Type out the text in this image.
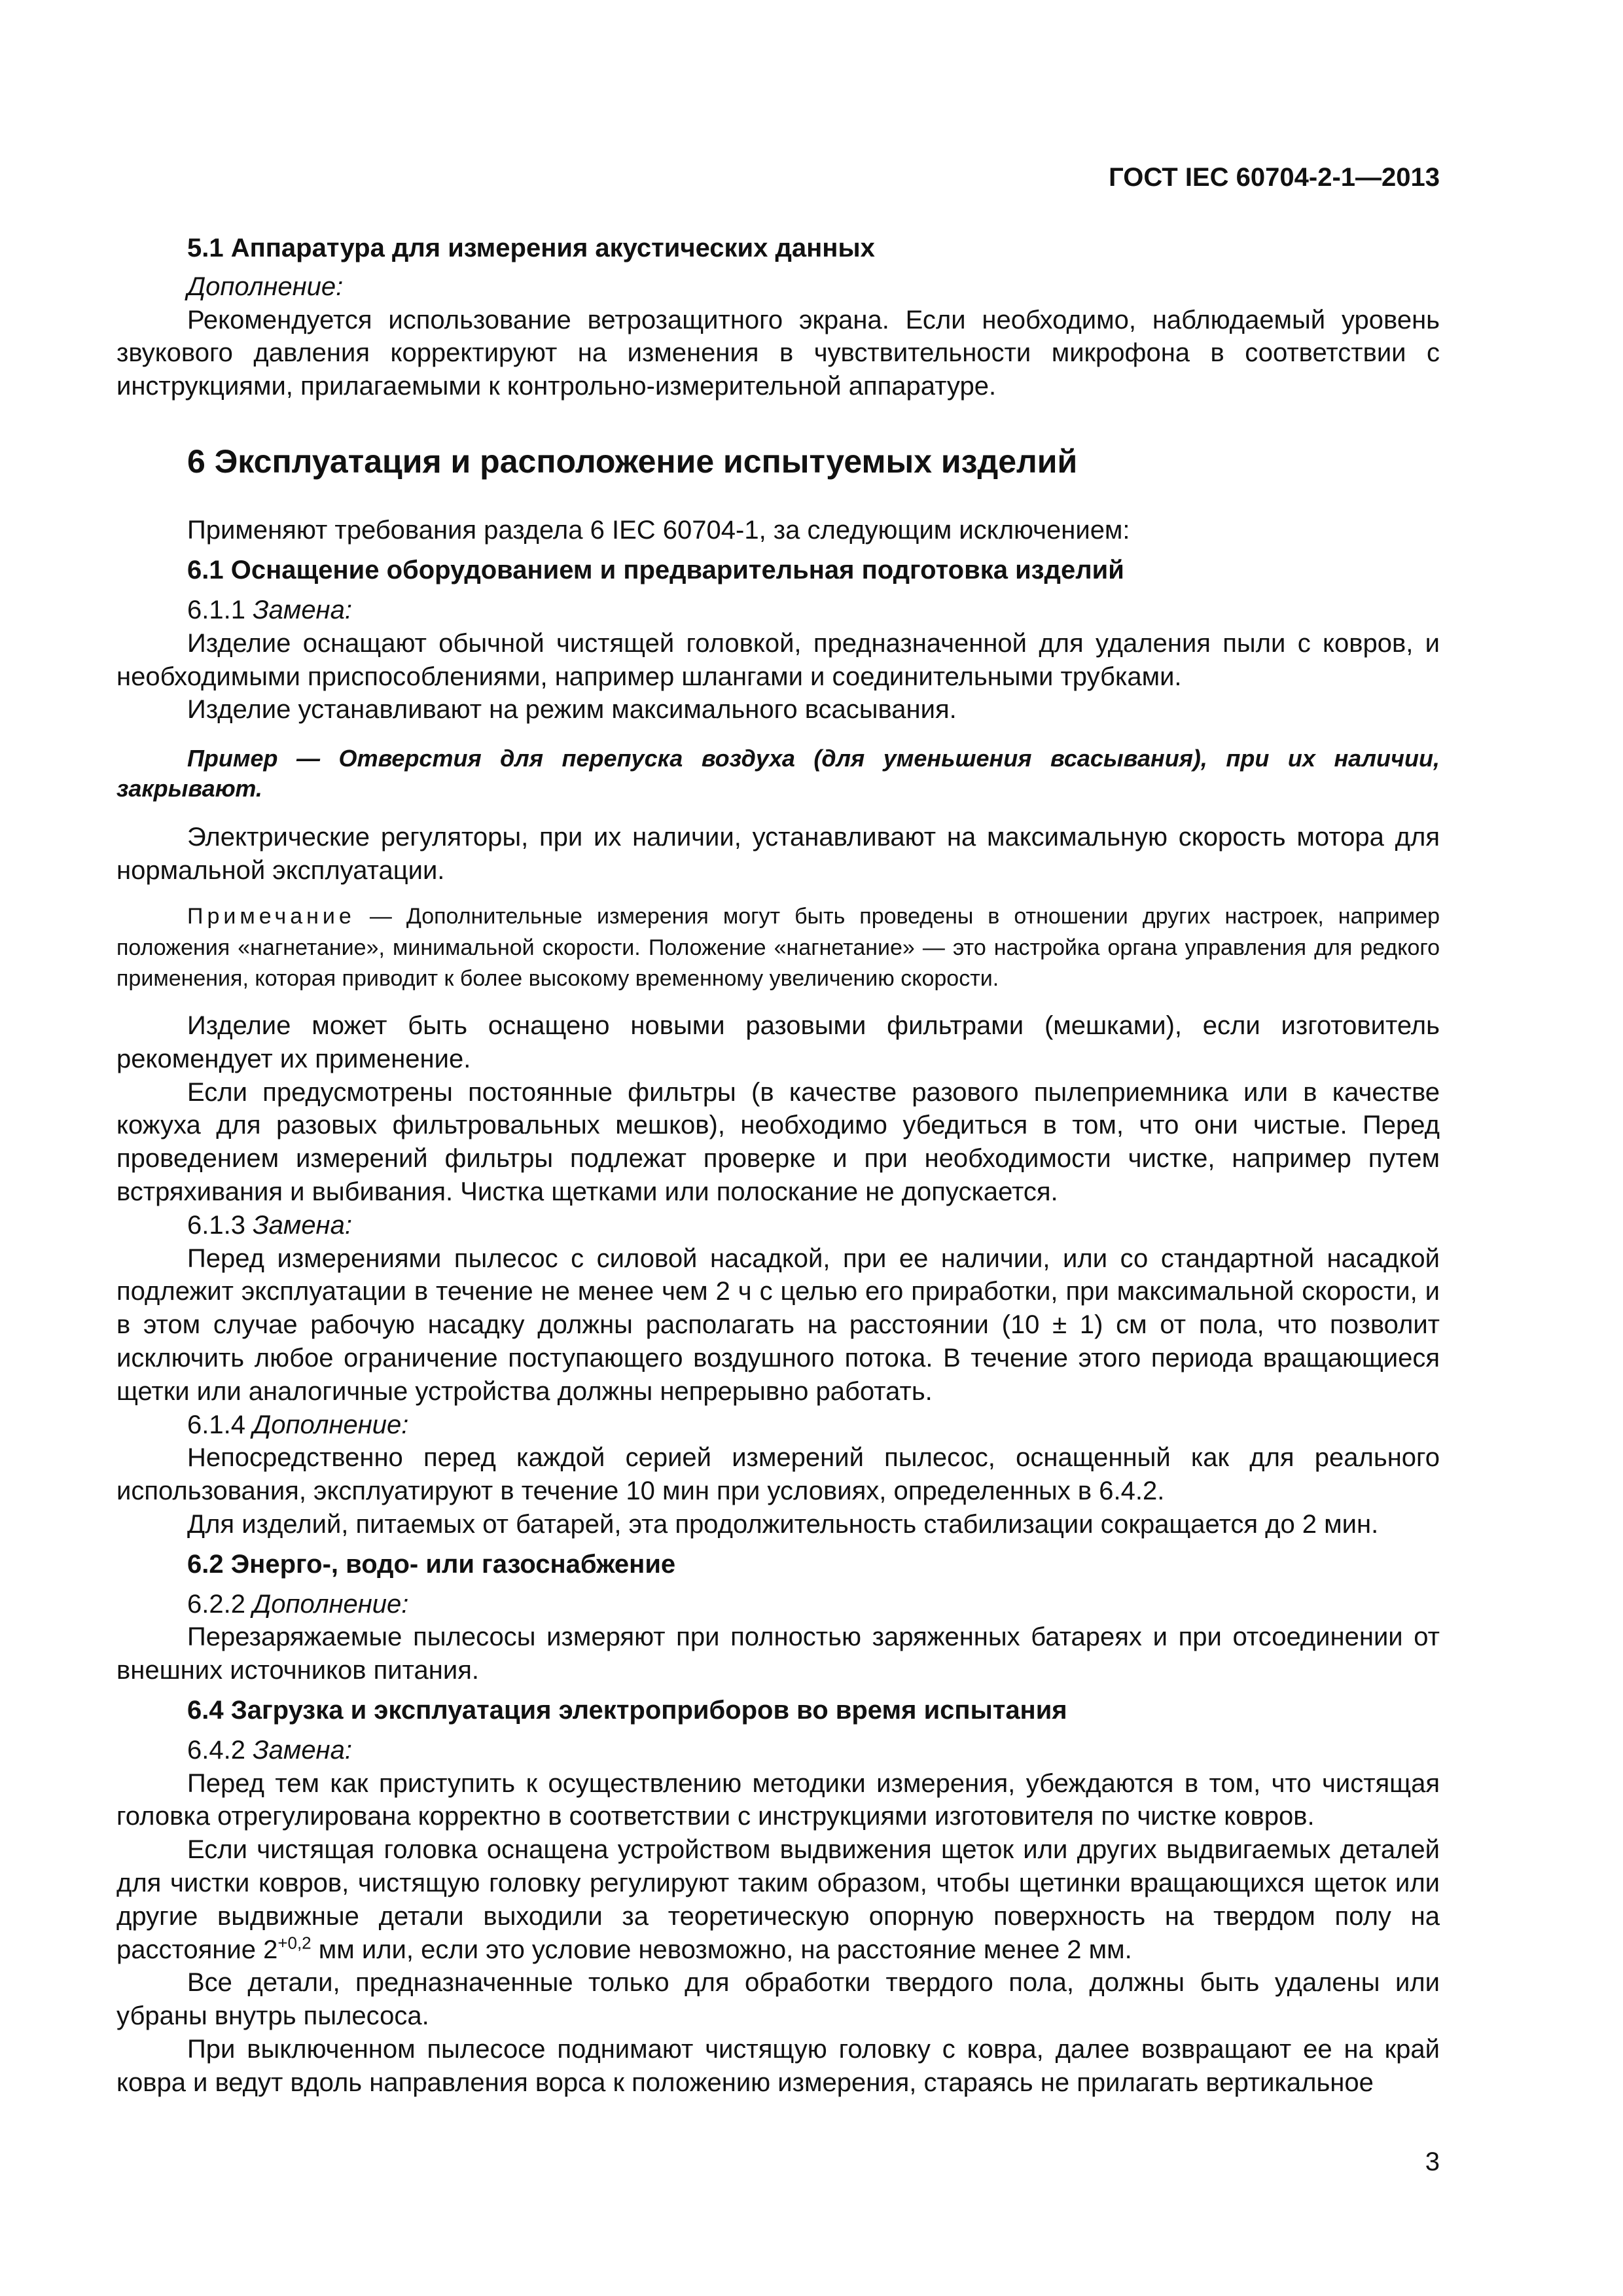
ГОСТ IEC 60704-2-1—2013

5.1 Аппаратура для измерения акустических данных

Дополнение:

Рекомендуется использование ветрозащитного экрана. Если необходимо, наблюдаемый уровень звукового давления корректируют на изменения в чувствительности микрофона в соответствии с инструкциями, прилагаемыми к контрольно-измерительной аппаратуре.

6 Эксплуатация и расположение испытуемых изделий

Применяют требования раздела 6 IEC 60704-1, за следующим исключением:

6.1 Оснащение оборудованием и предварительная подготовка изделий

6.1.1 Замена:

Изделие оснащают обычной чистящей головкой, предназначенной для удаления пыли с ковров, и необходимыми приспособлениями, например шлангами и соединительными трубками.

Изделие устанавливают на режим максимального всасывания.

Пример — Отверстия для перепуска воздуха (для уменьшения всасывания), при их наличии, закрывают.

Электрические регуляторы, при их наличии, устанавливают на максимальную скорость мотора для нормальной эксплуатации.

Примечание — Дополнительные измерения могут быть проведены в отношении других настроек, например положения «нагнетание», минимальной скорости. Положение «нагнетание» — это настройка органа управления для редкого применения, которая приводит к более высокому временному увеличению скорости.

Изделие может быть оснащено новыми разовыми фильтрами (мешками), если изготовитель рекомендует их применение.

Если предусмотрены постоянные фильтры (в качестве разового пылеприемника или в качестве кожуха для разовых фильтровальных мешков), необходимо убедиться в том, что они чистые. Перед проведением измерений фильтры подлежат проверке и при необходимости чистке, например путем встряхивания и выбивания. Чистка щетками или полоскание не допускается.

6.1.3 Замена:

Перед измерениями пылесос с силовой насадкой, при ее наличии, или со стандартной насадкой подлежит эксплуатации в течение не менее чем 2 ч с целью его приработки, при максимальной скорости, и в этом случае рабочую насадку должны располагать на расстоянии (10 ± 1) см от пола, что позволит исключить любое ограничение поступающего воздушного потока. В течение этого периода вращающиеся щетки или аналогичные устройства должны непрерывно работать.

6.1.4 Дополнение:

Непосредственно перед каждой серией измерений пылесос, оснащенный как для реального использования, эксплуатируют в течение 10 мин при условиях, определенных в 6.4.2.

Для изделий, питаемых от батарей, эта продолжительность стабилизации сокращается до 2 мин.

6.2 Энерго-, водо- или газоснабжение

6.2.2 Дополнение:

Перезаряжаемые пылесосы измеряют при полностью заряженных батареях и при отсоединении от внешних источников питания.

6.4 Загрузка и эксплуатация электроприборов во время испытания

6.4.2 Замена:

Перед тем как приступить к осуществлению методики измерения, убеждаются в том, что чистящая головка отрегулирована корректно в соответствии с инструкциями изготовителя по чистке ковров.

Если чистящая головка оснащена устройством выдвижения щеток или других выдвигаемых деталей для чистки ковров, чистящую головку регулируют таким образом, чтобы щетинки вращающихся щеток или другие выдвижные детали выходили за теоретическую опорную поверхность на твердом полу на расстояние $2^{+0,2}$ мм или, если это условие невозможно, на расстояние менее 2 мм.

Все детали, предназначенные только для обработки твердого пола, должны быть удалены или убраны внутрь пылесоса.

При выключенном пылесосе поднимают чистящую головку с ковра, далее возвращают ее на край ковра и ведут вдоль направления ворса к положению измерения, стараясь не прилагать вертикальное

3
